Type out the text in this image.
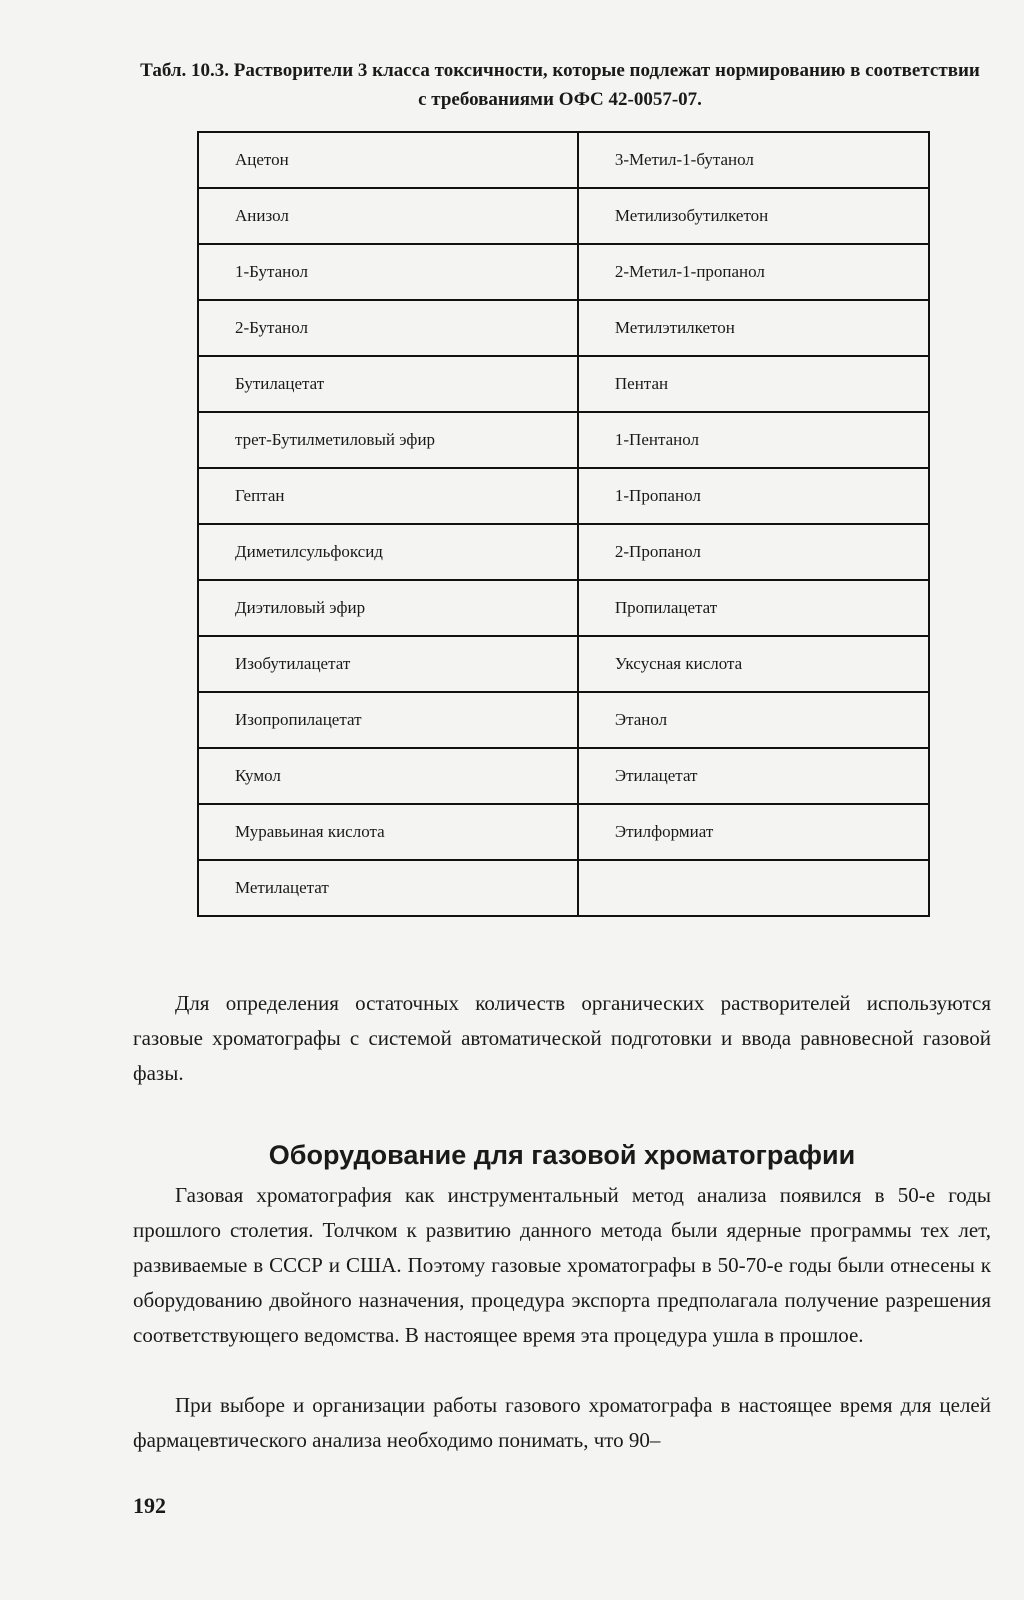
Табл. 10.3. Растворители 3 класса токсичности, которые подлежат нормированию в соответствии с требованиями ОФС 42-0057-07.
Ацетон	3-Метил-1-бутанол
Анизол	Метилизобутилкетон
1-Бутанол	2-Метил-1-пропанол
2-Бутанол	Метилэтилкетон
Бутилацетат	Пентан
трет-Бутилметиловый эфир	1-Пентанол
Гептан	1-Пропанол
Диметилсульфоксид	2-Пропанол
Диэтиловый эфир	Пропилацетат
Изобутилацетат	Уксусная кислота
Изопропилацетат	Этанол
Кумол	Этилацетат
Муравьиная кислота	Этилформиат
Метилацетат	

Для определения остаточных количеств органических растворителей используются газовые хроматографы с системой автоматической подготовки и ввода равновесной газовой фазы.

Оборудование для газовой хроматографии

Газовая хроматография как инструментальный метод анализа появился в 50-е годы прошлого столетия. Толчком к развитию данного метода были ядерные программы тех лет, развиваемые в СССР и США. Поэтому газовые хроматографы в 50-70-е годы были отнесены к оборудованию двойного назначения, процедура экспорта предполагала получение разрешения соответствующего ведомства. В настоящее время эта процедура ушла в прошлое.

При выборе и организации работы газового хроматографа в настоящее время для целей фармацевтического анализа необходимо понимать, что 90–

192
